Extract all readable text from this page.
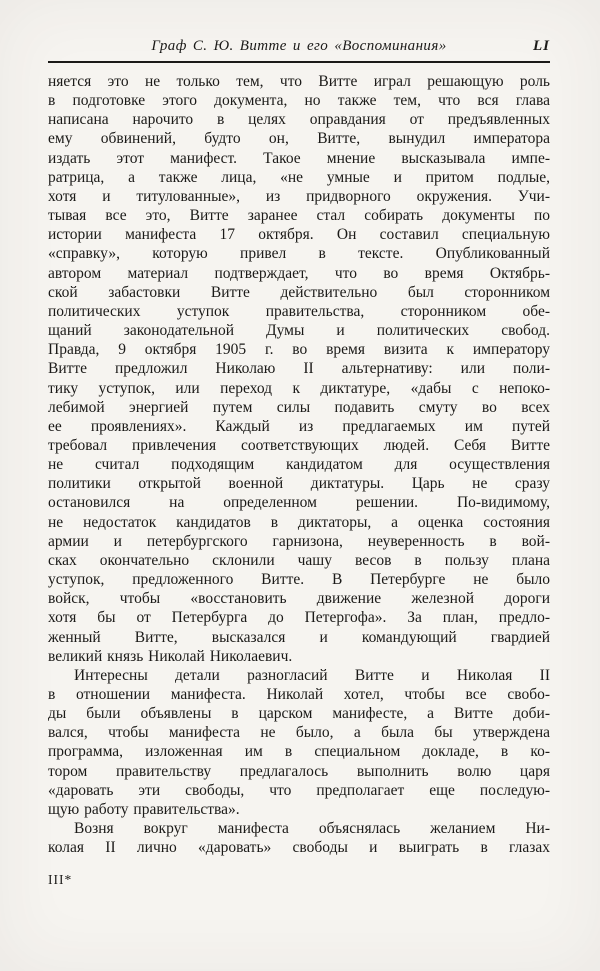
Граф С. Ю. Витте и его «Воспоминания»	LI
няется это не только тем, что Витте играл решающую роль
в подготовке этого документа, но также тем, что вся глава
написана нарочито в целях оправдания от предъявленных
ему обвинений, будто он, Витте, вынудил императора
издать этот манифест. Такое мнение высказывала импе-
ратрица, а также лица, «не умные и притом подлые,
хотя и титулованные», из придворного окружения. Учи-
тывая все это, Витте заранее стал собирать документы по
истории манифеста 17 октября. Он составил специальную
«справку», которую привел в тексте. Опубликованный
автором материал подтверждает, что во время Октябрь-
ской забастовки Витте действительно был сторонником
политических уступок правительства, сторонником обе-
щаний законодательной Думы и политических свобод.
Правда, 9 октября 1905 г. во время визита к императору
Витте предложил Николаю II альтернативу: или поли-
тику уступок, или переход к диктатуре, «дабы с непоко-
лебимой энергией путем силы подавить смуту во всех
ее проявлениях». Каждый из предлагаемых им путей
требовал привлечения соответствующих людей. Себя Витте
не считал подходящим кандидатом для осуществления
политики открытой военной диктатуры. Царь не сразу
остановился на определенном решении. По-видимому,
не недостаток кандидатов в диктаторы, а оценка состояния
армии и петербургского гарнизона, неуверенность в вой-
сках окончательно склонили чашу весов в пользу плана
уступок, предложенного Витте. В Петербурге не было
войск, чтобы «восстановить движение железной дороги
хотя бы от Петербурга до Петергофа». За план, предло-
женный Витте, высказался и командующий гвардией
великий князь Николай Николаевич.
Интересны детали разногласий Витте и Николая II
в отношении манифеста. Николай хотел, чтобы все свобо-
ды были объявлены в царском манифесте, а Витте доби-
вался, чтобы манифеста не было, а была бы утверждена
программа, изложенная им в специальном докладе, в ко-
тором правительству предлагалось выполнить волю царя
«даровать эти свободы, что предполагает еще последую-
щую работу правительства».
Возня вокруг манифеста объяснялась желанием Ни-
колая II лично «даровать» свободы и выиграть в глазах
III*
